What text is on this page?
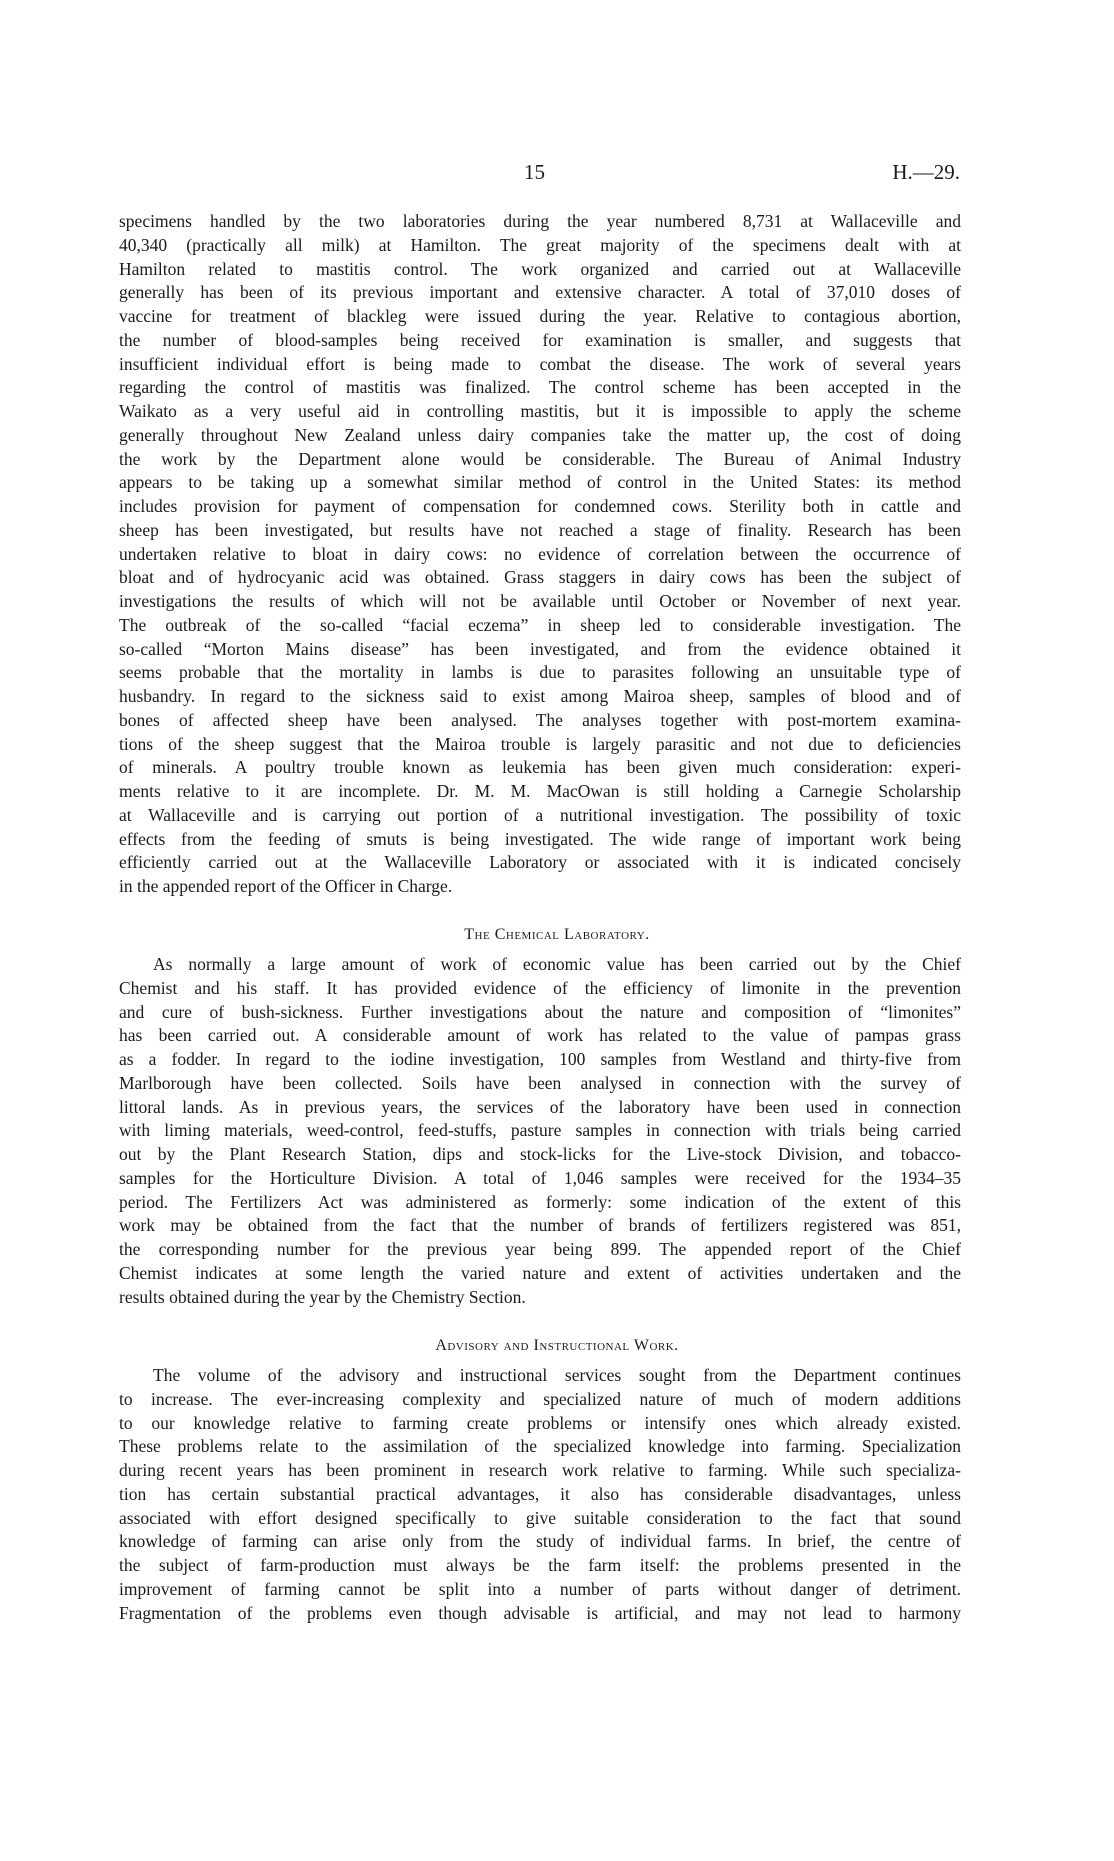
15	H.—29.
specimens handled by the two laboratories during the year numbered 8,731 at Wallaceville and
40,340 (practically all milk) at Hamilton. The great majority of the specimens dealt with at
Hamilton related to mastitis control. The work organized and carried out at Wallaceville
generally has been of its previous important and extensive character. A total of 37,010 doses of
vaccine for treatment of blackleg were issued during the year. Relative to contagious abortion,
the number of blood-samples being received for examination is smaller, and suggests that
insufficient individual effort is being made to combat the disease. The work of several years
regarding the control of mastitis was finalized. The control scheme has been accepted in the
Waikato as a very useful aid in controlling mastitis, but it is impossible to apply the scheme
generally throughout New Zealand unless dairy companies take the matter up, the cost of doing
the work by the Department alone would be considerable. The Bureau of Animal Industry
appears to be taking up a somewhat similar method of control in the United States: its method
includes provision for payment of compensation for condemned cows. Sterility both in cattle and
sheep has been investigated, but results have not reached a stage of finality. Research has been
undertaken relative to bloat in dairy cows: no evidence of correlation between the occurrence of
bloat and of hydrocyanic acid was obtained. Grass staggers in dairy cows has been the subject of
investigations the results of which will not be available until October or November of next year.
The outbreak of the so-called “facial eczema” in sheep led to considerable investigation. The
so-called “Morton Mains disease” has been investigated, and from the evidence obtained it
seems probable that the mortality in lambs is due to parasites following an unsuitable type of
husbandry. In regard to the sickness said to exist among Mairoa sheep, samples of blood and of
bones of affected sheep have been analysed. The analyses together with post-mortem examina-
tions of the sheep suggest that the Mairoa trouble is largely parasitic and not due to deficiencies
of minerals. A poultry trouble known as leukemia has been given much consideration: experi-
ments relative to it are incomplete. Dr. M. M. MacOwan is still holding a Carnegie Scholarship
at Wallaceville and is carrying out portion of a nutritional investigation. The possibility of toxic
effects from the feeding of smuts is being investigated. The wide range of important work being
efficiently carried out at the Wallaceville Laboratory or associated with it is indicated concisely
in the appended report of the Officer in Charge.
The Chemical Laboratory.
As normally a large amount of work of economic value has been carried out by the Chief
Chemist and his staff. It has provided evidence of the efficiency of limonite in the prevention
and cure of bush-sickness. Further investigations about the nature and composition of “limonites”
has been carried out. A considerable amount of work has related to the value of pampas grass
as a fodder. In regard to the iodine investigation, 100 samples from Westland and thirty-five from
Marlborough have been collected. Soils have been analysed in connection with the survey of
littoral lands. As in previous years, the services of the laboratory have been used in connection
with liming materials, weed-control, feed-stuffs, pasture samples in connection with trials being carried
out by the Plant Research Station, dips and stock-licks for the Live-stock Division, and tobacco-
samples for the Horticulture Division. A total of 1,046 samples were received for the 1934–35
period. The Fertilizers Act was administered as formerly: some indication of the extent of this
work may be obtained from the fact that the number of brands of fertilizers registered was 851,
the corresponding number for the previous year being 899. The appended report of the Chief
Chemist indicates at some length the varied nature and extent of activities undertaken and the
results obtained during the year by the Chemistry Section.
Advisory and Instructional Work.
The volume of the advisory and instructional services sought from the Department continues
to increase. The ever-increasing complexity and specialized nature of much of modern additions
to our knowledge relative to farming create problems or intensify ones which already existed.
These problems relate to the assimilation of the specialized knowledge into farming. Specialization
during recent years has been prominent in research work relative to farming. While such specializa-
tion has certain substantial practical advantages, it also has considerable disadvantages, unless
associated with effort designed specifically to give suitable consideration to the fact that sound
knowledge of farming can arise only from the study of individual farms. In brief, the centre of
the subject of farm-production must always be the farm itself: the problems presented in the
improvement of farming cannot be split into a number of parts without danger of detriment.
Fragmentation of the problems even though advisable is artificial, and may not lead to harmony
